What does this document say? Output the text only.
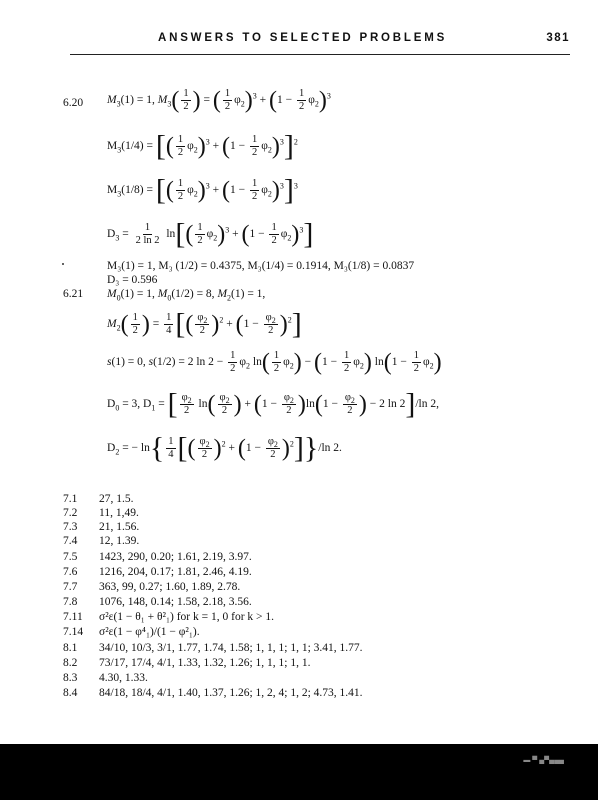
ANSWERS TO SELECTED PROBLEMS	381
6.20 $M_3(1) = 1$, $M_3( \frac{1}{2}$ ) = ( $\frac{1}{2} \varphi_2)^3 + (1 - \frac{1}{2} \varphi_2)^3$
$M_3(1/4)$ = [( $\frac{1}{2} \varphi_2)^3 + (1 - \frac{1}{2} \varphi_2)^3]^2$
$M_3(1/8)$ = [( $\frac{1}{2} \varphi_2)^3 + (1 - \frac{1}{2} \varphi_2)^3]^3$
$D_3 = \frac{1}{2 \ln 2} \ln[( \frac{1}{2} \varphi_2)^3 + (1 - \frac{1}{2} \varphi_2)^3]$
M₃(1) = 1, M₃ (1/2) = 0.4375, M₃(1/4) = 0.1914, M₃(1/8) = 0.0837
D₃ = 0.596
6.21 $M_0(1) = 1$, $M_0(1/2) = 8$, $M_2(1) = 1$,
$M_2( \frac{1}{2}$ ) = $\frac{1}{4}$ [( $\frac{\varphi_2}{2} )^2 + (1 - \frac{\varphi_2}{2} )^2$]
s(1) = 0, s(1/2) = 2 $\ln 2 - \frac{1}{2} \varphi_2$ $\ln( \frac{1}{2} \varphi_2) - (1 - \frac{1}{2} \varphi_2)$ $\ln(1 - \frac{1}{2} \varphi_2)$
$D_0 = 3$, $D_1$ = [ $\frac{\varphi_2}{2} \ln( \frac{\varphi_2}{2}$ ) + $(1 - \frac{\varphi_2}{2} )\ln(1 - \frac{\varphi_2}{2}$ ) − 2 ln 2]/ln 2,
$D_2$ = − $\ln\{ \frac{1}{4}$ [( $\frac{\varphi_2}{2} )^2 + (1 - \frac{\varphi_2}{2} )^2]\}/\ln$ 2.
7.1 27, 1.5.
7.2 11, 1,49.
7.3 21, 1.56.
7.4 12, 1.39.
7.5 1423, 290, 0.20; 1.61, 2.19, 3.97.
7.6 1216, 204, 0.17; 1.81, 2.46, 4.19.
7.7 363, 99, 0.27; 1.60, 1.89, 2.78.
7.8 1076, 148, 0.14; 1.58, 2.18, 3.56.
7.11 σ²ε(1 − θ₁ + θ²₁) for k = 1, 0 for k > 1.
7.14 σ²ε(1 − φ⁴₁)/(1 − φ²₁).
8.1 34/10, 10/3, 3/1, 1.77, 1.74, 1.58; 1, 1, 1; 1, 1; 3.41, 1.77.
8.2 73/17, 17/4, 4/1, 1.33, 1.32, 1.26; 1, 1, 1; 1, 1.
8.3 4.30, 1.33.
8.4 84/18, 18/4, 4/1, 1.40, 1.37, 1.26; 1, 2, 4; 1, 2; 4.73, 1.41.
▬ ▀ ▄▀▄▄▄
